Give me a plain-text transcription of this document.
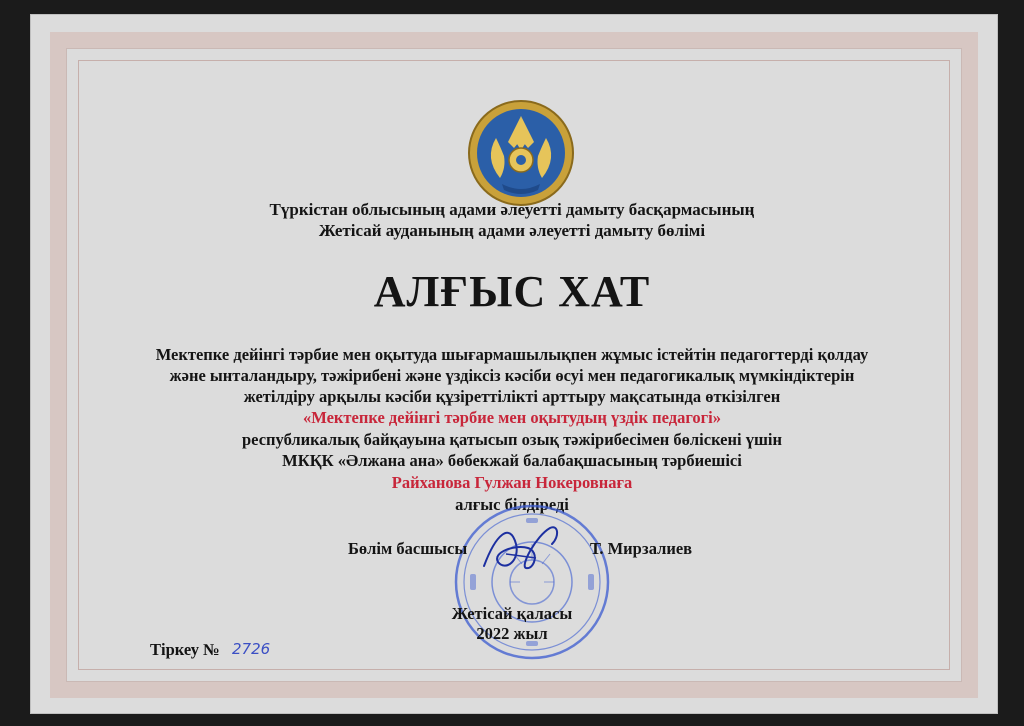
Түркістан облысының адами әлеуетті дамыту басқармасының
Жетісай ауданының адами әлеуетті дамыту бөлімі
АЛҒЫС ХАТ
Мектепке дейінгі тәрбие мен оқытуда шығармашылықпен жұмыс істейтін педагогтерді қолдау
және ынталандыру, тәжірибені және үздіксіз кәсіби өсуі мен педагогикалық мүмкіндіктерін
жетілдіру арқылы кәсіби құзіреттілікті арттыру мақсатында өткізілген
«Мектепке дейінгі тәрбие мен оқытудың үздік педагогі»
республикалық байқауына қатысып озық тәжірибесімен бөліскені үшін
МКҚК «Әлжана ана» бөбекжай балабақшасының тәрбиешісі
Райханова Гулжан Нокеровнаға
алғыс білдіреді
Бөлім басшысы	Т. Мирзалиев
Жетісай қаласы
2022 жыл
Тіркеу № 2726
